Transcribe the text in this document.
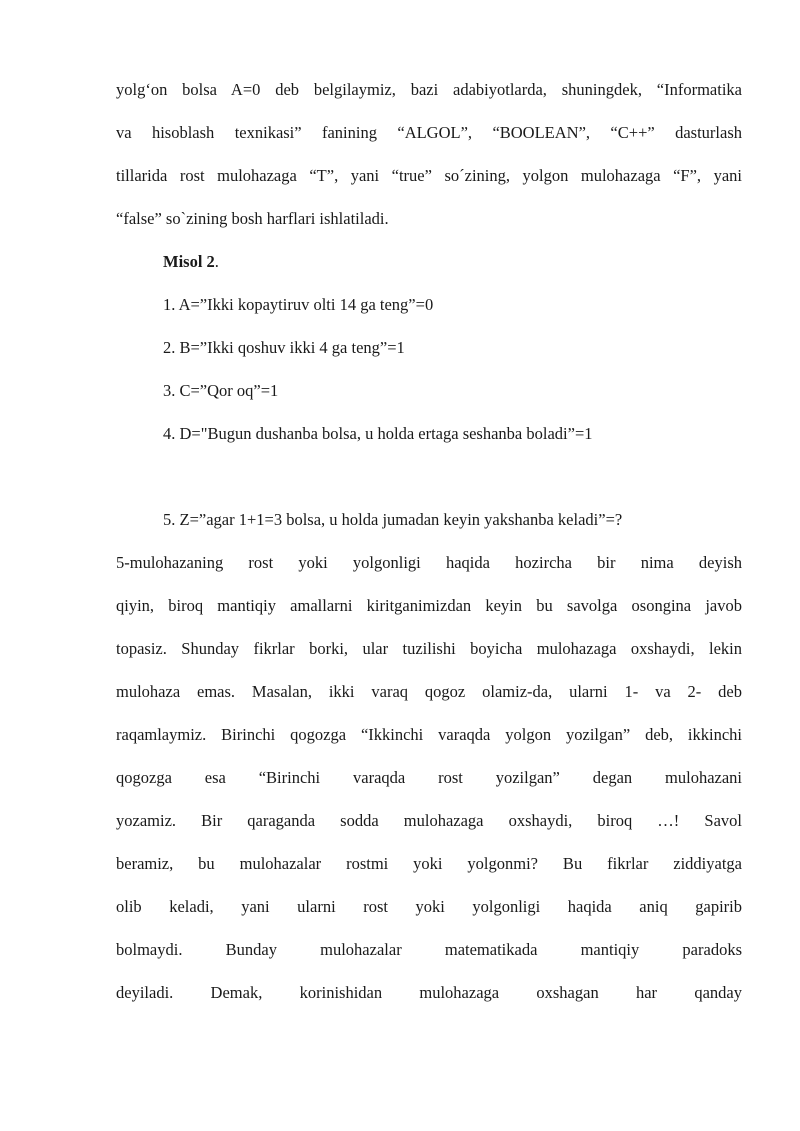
yolg‘on bolsa A=0 deb belgilaymiz, bazi adabiyotlarda, shuningdek, “Informatika
va hisoblash texnikasi” fanining “ALGOL”, “BOOLEAN”, “C++” dasturlash
tillarida rost mulohazaga “T”, yani “true” so´zining, yolgon mulohazaga “F”, yani
“false” so`zining bosh harflari ishlatiladi.

Misol 2.

1. A=”Ikki kopaytiruv olti 14 ga teng”=0

2. B=”Ikki qoshuv ikki 4 ga teng”=1

3. C=”Qor oq”=1

4. D="Bugun dushanba bolsa, u holda ertaga seshanba boladi”=1

5. Z=”agar 1+1=3 bolsa, u holda jumadan keyin yakshanba keladi”=?

5-mulohazaning rost yoki yolgonligi haqida hozircha bir nima deyish
qiyin, biroq mantiqiy amallarni kiritganimizdan keyin bu savolga osongina javob
topasiz. Shunday fikrlar borki, ular tuzilishi boyicha mulohazaga oxshaydi, lekin
mulohaza emas. Masalan, ikki varaq qogoz olamiz-da, ularni 1- va 2- deb
raqamlaymiz. Birinchi qogozga “Ikkinchi varaqda yolgon yozilgan” deb, ikkinchi
qogozga esa “Birinchi varaqda rost yozilgan” degan mulohazani
yozamiz. Bir qaraganda sodda mulohazaga oxshaydi, biroq …! Savol
beramiz, bu mulohazalar rostmi yoki yolgonmi? Bu fikrlar ziddiyatga
olib keladi, yani ularni rost yoki yolgonligi haqida aniq gapirib
bolmaydi. Bunday mulohazalar matematikada mantiqiy paradoks
deyiladi. Demak, korinishidan mulohazaga oxshagan har qanday
